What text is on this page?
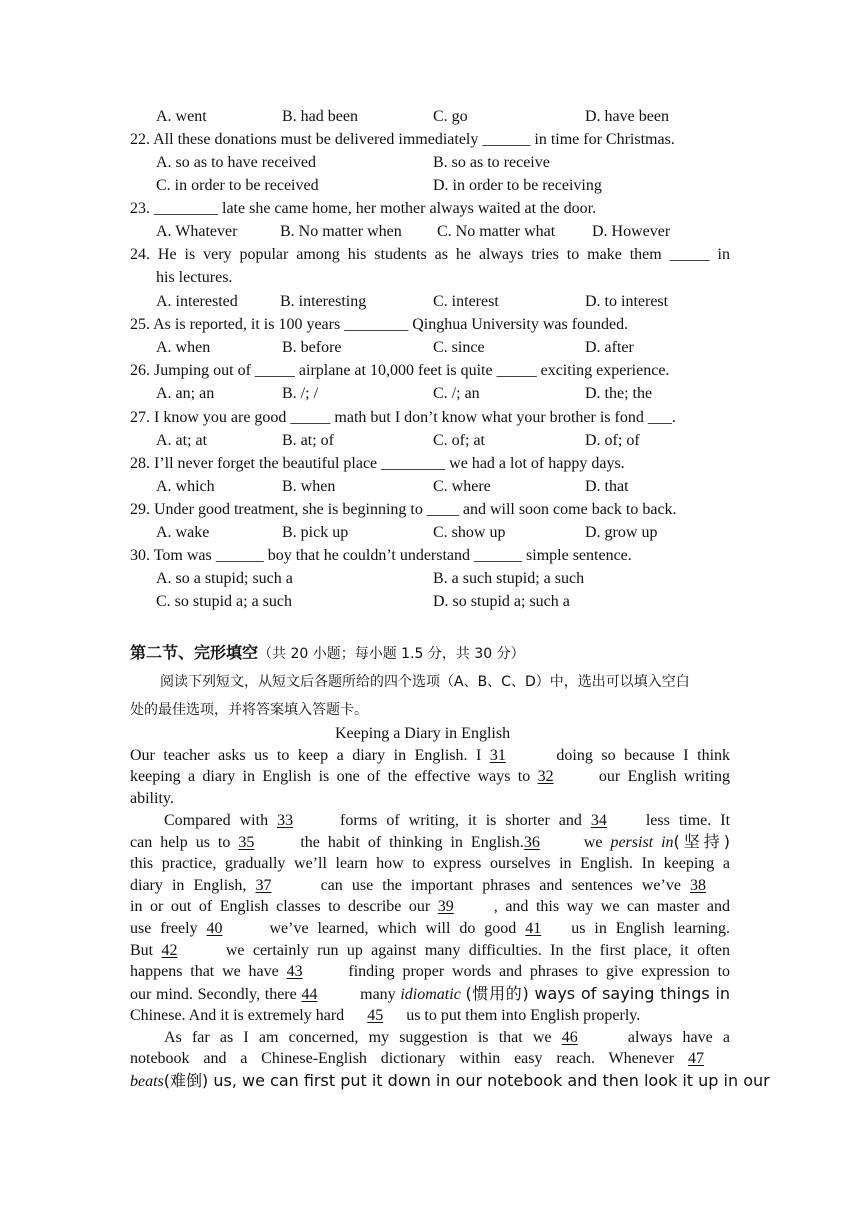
A. went	B. had been	C. go	D. have been
22. All these donations must be delivered immediately ______ in time for Christmas.
A. so as to have received	B. so as to receive
C. in order to be received	D. in order to be receiving
23. ________ late she came home, her mother always waited at the door.
A. Whatever	B. No matter when C. No matter what D. However
24. He is very popular among his students as he always tries to make them _____ in
his lectures.
A. interested	B. interesting	C. interest	D. to interest
25. As is reported, it is 100 years ________ Qinghua University was founded.
A. when	B. before	C. since	D. after
26. Jumping out of _____ airplane at 10,000 feet is quite _____ exciting experience.
A. an; an	B. /; /	C. /; an	D. the; the
27. I know you are good _____ math but I don’t know what your brother is fond ___.
A. at; at	B. at; of	C. of; at	D. of; of
28. I’ll never forget the beautiful place ________ we had a lot of happy days.
A. which	B. when	C. where	D. that
29. Under good treatment, she is beginning to ____ and will soon come back to back.
A. wake	B. pick up	C. show up	D. grow up
30. Tom was ______ boy that he couldn’t understand ______ simple sentence.
A. so a stupid; such a	B. a such stupid; a such
C. so stupid a; a such	D. so stupid a; such a
第二节、完形填空（共 20 小题；每小题 1.5 分，共 30 分）
阅读下列短文，从短文后各题所给的四个选项（A、B、C、D）中，选出可以填入空白
处的最佳选项，并将答案填入答题卡。
Keeping a Diary in English
Our teacher asks us to keep a diary in English. I 31	doing so because I think
keeping a diary in English is one of the effective ways to 32	our English writing
ability.
Compared with 33	forms of writing, it is shorter and 34 less time. It
can help us to 35	the habit of thinking in English.36	we persist in(坚持)
this practice, gradually we’ll learn how to express ourselves in English. In keeping a
diary in English, 37	can use the important phrases and sentences we’ve 38
in or out of English classes to describe our 39	, and this way we can master and
use freely 40	we’ve learned, which will do good 41 us in English learning.
But 42	we certainly run up against many difficulties. In the first place, it often
happens that we have 43	finding proper words and phrases to give expression to
our mind. Secondly, there 44	many idiomatic (惯用的) ways of saying things in
Chinese. And it is extremely hard 45 us to put them into English properly.
As far as I am concerned, my suggestion is that we 46	always have a
notebook and a Chinese-English dictionary within easy reach. Whenever 47
beats(难倒) us, we can first put it down in our notebook and then look it up in our
